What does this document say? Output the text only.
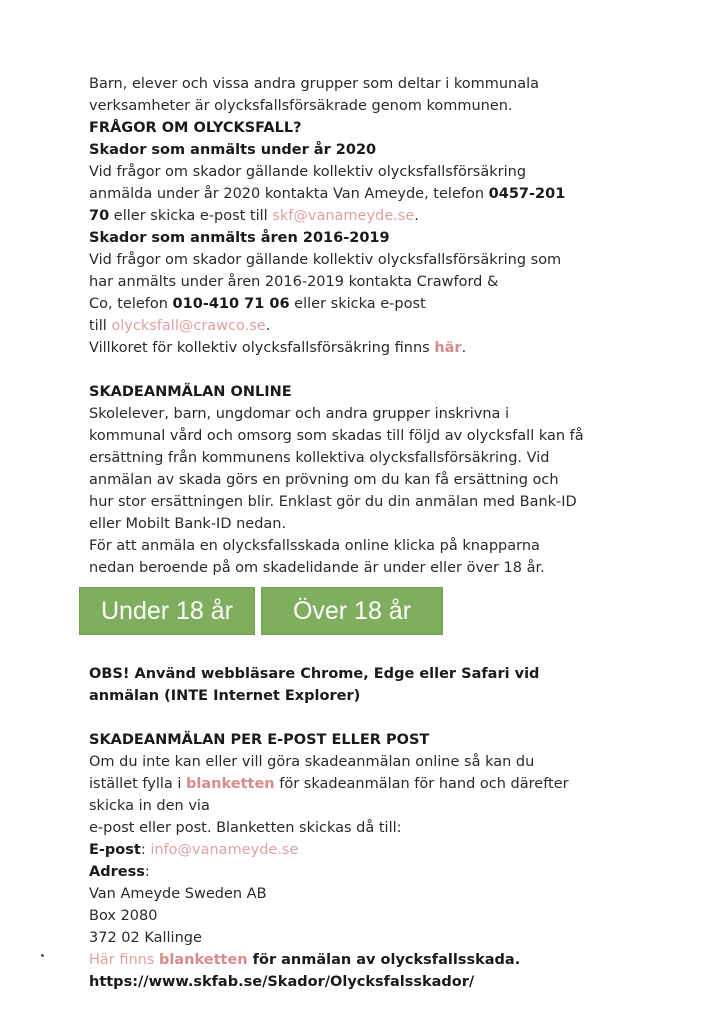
Barn, elever och vissa andra grupper som deltar i kommunala
verksamheter är olycksfallsförsäkrade genom kommunen.
FRÅGOR OM OLYCKSFALL?
Skador som anmälts under år 2020
Vid frågor om skador gällande kollektiv olycksfallsförsäkring
anmälda under år 2020 kontakta Van Ameyde, telefon 0457-201
70 eller skicka e-post till skf@vanameyde.se.
Skador som anmälts åren 2016-2019
Vid frågor om skador gällande kollektiv olycksfallsförsäkring som
har anmälts under åren 2016-2019 kontakta Crawford &
Co, telefon 010-410 71 06 eller skicka e-post
till olycksfall@crawco.se.
Villkoret för kollektiv olycksfallsförsäkring finns här.
SKADEANMÄLAN ONLINE
Skolelever, barn, ungdomar och andra grupper inskrivna i
kommunal vård och omsorg som skadas till följd av olycksfall kan få
ersättning från kommunens kollektiva olycksfallsförsäkring. Vid
anmälan av skada görs en prövning om du kan få ersättning och
hur stor ersättningen blir. Enklast gör du din anmälan med Bank-ID
eller Mobilt Bank-ID nedan.
För att anmäla en olycksfallsskada online klicka på knapparna
nedan beroende på om skadelidande är under eller över 18 år.
Under 18 år	Över 18 år
OBS! Använd webbläsare Chrome, Edge eller Safari vid
anmälan (INTE Internet Explorer)
SKADEANMÄLAN PER E-POST ELLER POST
Om du inte kan eller vill göra skadeanmälan online så kan du
istället fylla i blanketten för skadeanmälan för hand och därefter
skicka in den via
e-post eller post. Blanketten skickas då till:
E-post: info@vanameyde.se
Adress:
Van Ameyde Sweden AB
Box 2080
372 02 Kallinge
Här finns blanketten för anmälan av olycksfallsskada.
https://www.skfab.se/Skador/Olycksfalsskador/
